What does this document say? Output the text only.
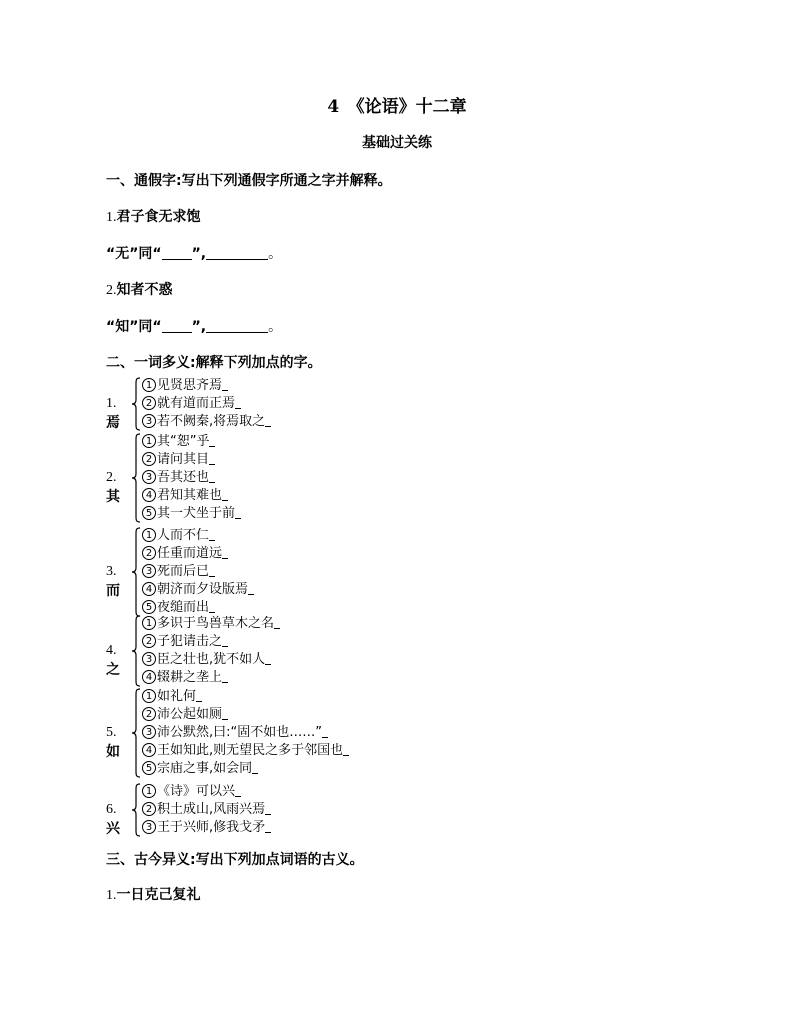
4　《论语》十二章
基础过关练
一、通假字:写出下列通假字所通之字并解释。
1.君子食无求饱
“无”同“ ”,	。
2.知者不惑
“知”同“ ”,	。
二、一词多义:解释下列加点的字。
1.焉
1 见贤思齐焉
2 就有道而正焉
3 若不阙秦,将焉取之
2.其
1 其“恕”乎
2 请问其目
3 吾其还也
4 君知其难也
5 其一犬坐于前
3.而
1 人而不仁
2 任重而道远
3 死而后已
4 朝济而夕设版焉
5 夜缒而出
4.之
1 多识于鸟兽草木之名
2 子犯请击之
3 臣之壮也,犹不如人
4 辍耕之垄上
5.如
1 如礼何
2 沛公起如厕
3 沛公默然,曰:“固不如也……”
4 王如知此,则无望民之多于邻国也
5 宗庙之事,如会同
6.兴
1 《诗》可以兴
2 积土成山,风雨兴焉
3 王于兴师,修我戈矛
三、古今异义:写出下列加点词语的古义。
1.一日克己复礼
